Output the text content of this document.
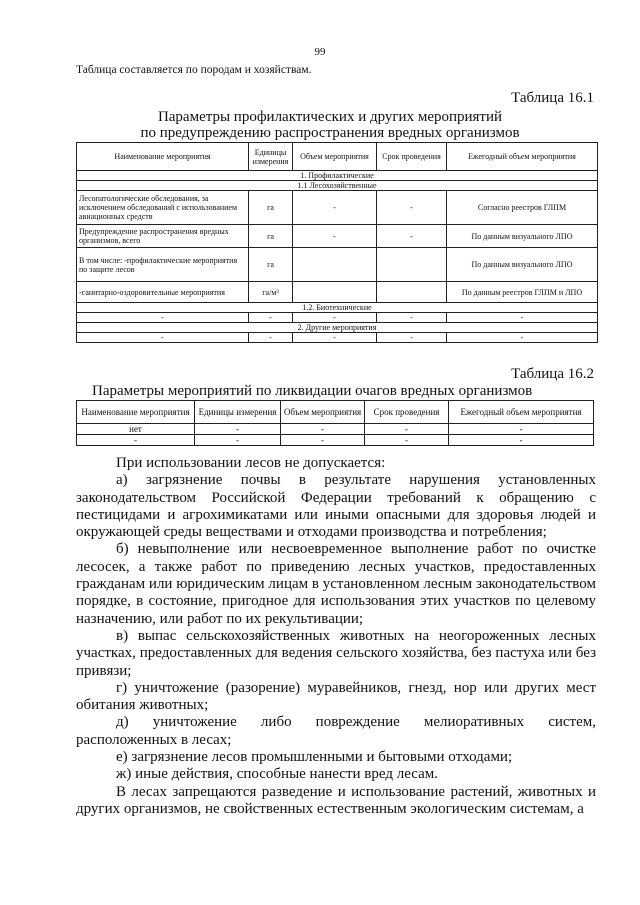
99
Таблица составляется по породам и хозяйствам.
Таблица 16.1
Параметры профилактических и других мероприятий
по предупреждению распространения вредных организмов
Наименование мероприятия	Единицы измерения	Объем мероприятия	Срок проведения	Ежегодный объем мероприятия
1. Профилактические				
1.1 Лесохозяйственные				
Лесопатологические обследования, за исключением обследований с использованием авиационных средств	га	-	-	Согласно реестров ГЛПМ
Предупреждение распространения вредных организмов, всего	га	-	-	По данным визуального ЛПО
В том числе: -профилактические мероприятия по защите лесов	га			По данным визуального ЛПО
-санитарно-оздоровительные мероприятия	га/м³			По данным реестров ГЛПМ и ЛПО
1.2. Биотехнические				
-	-	-	-	-
2. Другие мероприятия				
-	-	-	-	-
Таблица 16.2
Параметры мероприятий по ликвидации очагов вредных организмов
Наименование мероприятия	Единицы измерения	Объем мероприятия	Срок проведения	Ежегодный объем мероприятия
нет	-	-	-	-
-	-	-	-	-

При использовании лесов не допускается:

а) загрязнение почвы в результате нарушения установленных законодательством Российской Федерации требований к обращению с пестицидами и агрохимикатами или иными опасными для здоровья людей и окружающей среды веществами и отходами производства и потребления;

б) невыполнение или несвоевременное выполнение работ по очистке лесосек, а также работ по приведению лесных участков, предоставленных гражданам или юридическим лицам в установленном лесным законодательством порядке, в состояние, пригодное для использования этих участков по целевому назначению, или работ по их рекультивации;

в) выпас сельскохозяйственных животных на неогороженных лесных участках, предоставленных для ведения сельского хозяйства, без пастуха или без привязи;

г) уничтожение (разорение) муравейников, гнезд, нор или других мест обитания животных;

д) уничтожение либо повреждение мелиоративных систем, расположенных в лесах;

е) загрязнение лесов промышленными и бытовыми отходами;

ж) иные действия, способные нанести вред лесам.

В лесах запрещаются разведение и использование растений, животных и других организмов, не свойственных естественным экологическим системам, а
